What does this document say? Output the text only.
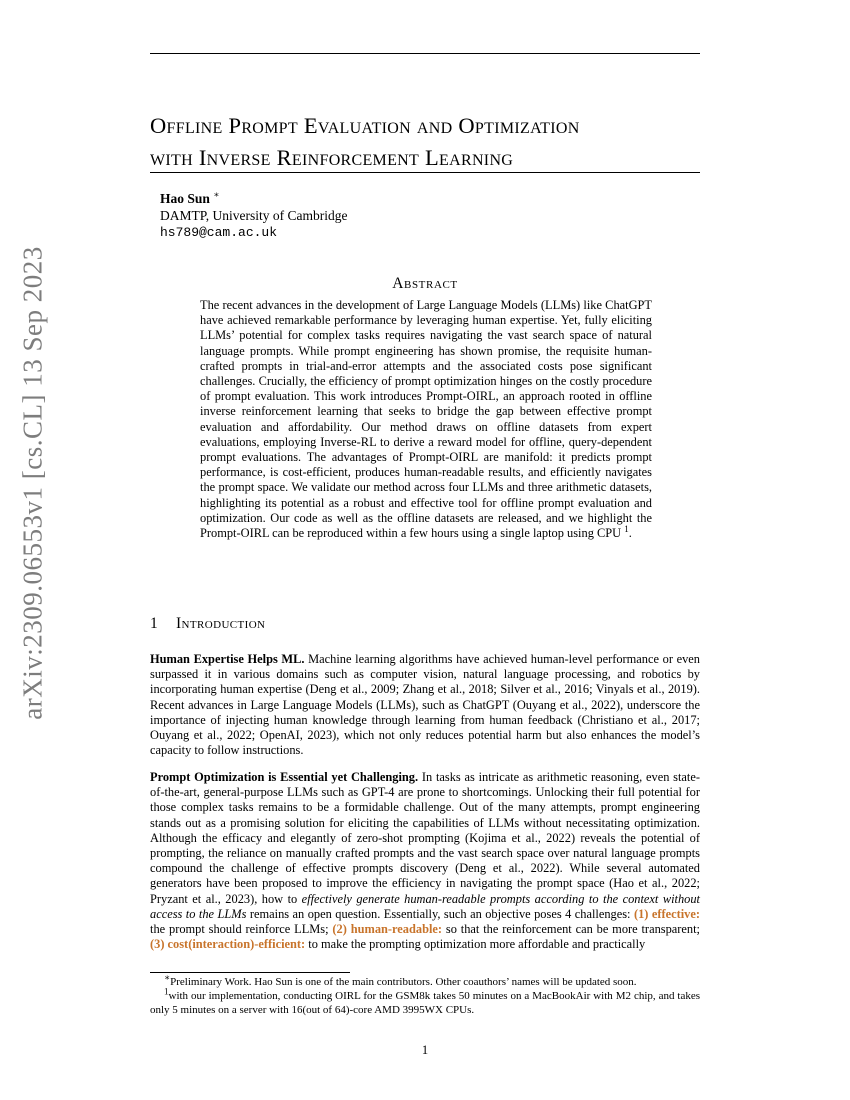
arXiv:2309.06553v1 [cs.CL] 13 Sep 2023
Offline Prompt Evaluation and Optimization
with Inverse Reinforcement Learning
Hao Sun ∗
DAMTP, University of Cambridge
hs789@cam.ac.uk
Abstract
The recent advances in the development of Large Language Models (LLMs) like ChatGPT have achieved remarkable performance by leveraging human expertise. Yet, fully eliciting LLMs’ potential for complex tasks requires navigating the vast search space of natural language prompts. While prompt engineering has shown promise, the requisite human-crafted prompts in trial-and-error attempts and the associated costs pose significant challenges. Crucially, the efficiency of prompt optimization hinges on the costly procedure of prompt evaluation. This work introduces Prompt-OIRL, an approach rooted in offline inverse reinforcement learning that seeks to bridge the gap between effective prompt evaluation and affordability. Our method draws on offline datasets from expert evaluations, employing Inverse-RL to derive a reward model for offline, query-dependent prompt evaluations. The advantages of Prompt-OIRL are manifold: it predicts prompt performance, is cost-efficient, produces human-readable results, and efficiently navigates the prompt space. We validate our method across four LLMs and three arithmetic datasets, highlighting its potential as a robust and effective tool for offline prompt evaluation and optimization. Our code as well as the offline datasets are released, and we highlight the Prompt-OIRL can be reproduced within a few hours using a single laptop using CPU $^1$.
1 Introduction
Human Expertise Helps ML. Machine learning algorithms have achieved human-level performance or even surpassed it in various domains such as computer vision, natural language processing, and robotics by incorporating human expertise (Deng et al., 2009; Zhang et al., 2018; Silver et al., 2016; Vinyals et al., 2019). Recent advances in Large Language Models (LLMs), such as ChatGPT (Ouyang et al., 2022), underscore the importance of injecting human knowledge through learning from human feedback (Christiano et al., 2017; Ouyang et al., 2022; OpenAI, 2023), which not only reduces potential harm but also enhances the model’s capacity to follow instructions.
Prompt Optimization is Essential yet Challenging. In tasks as intricate as arithmetic reasoning, even state-of-the-art, general-purpose LLMs such as GPT-4 are prone to shortcomings. Unlocking their full potential for those complex tasks remains to be a formidable challenge. Out of the many attempts, prompt engineering stands out as a promising solution for eliciting the capabilities of LLMs without necessitating optimization. Although the efficacy and elegantly of zero-shot prompting (Kojima et al., 2022) reveals the potential of prompting, the reliance on manually crafted prompts and the vast search space over natural language prompts compound the challenge of effective prompts discovery (Deng et al., 2022). While several automated generators have been proposed to improve the efficiency in navigating the prompt space (Hao et al., 2022; Pryzant et al., 2023), how to effectively generate human-readable prompts according to the context without access to the LLMs remains an open question. Essentially, such an objective poses 4 challenges: (1) effective: the prompt should reinforce LLMs; (2) human-readable: so that the reinforcement can be more transparent; (3) cost(interaction)-efficient: to make the prompting optimization more affordable and practically

∗Preliminary Work. Hao Sun is one of the main contributors. Other coauthors’ names will be updated soon.

$^1$with our implementation, conducting OIRL for the GSM8k takes 50 minutes on a MacBookAir with M2 chip, and takes only 5 minutes on a server with 16(out of 64)-core AMD 3995WX CPUs.

1
